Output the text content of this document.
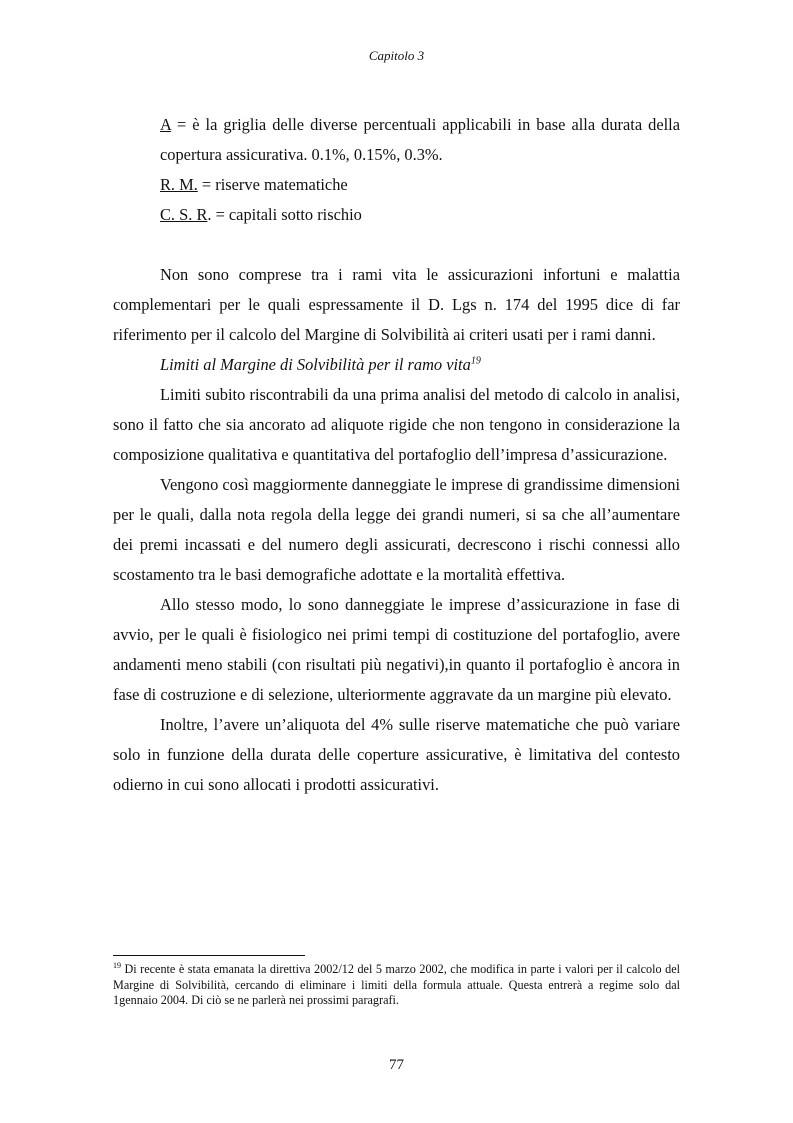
Capitolo 3

A = è la griglia delle diverse percentuali applicabili in base alla durata della copertura assicurativa. 0.1%, 0.15%, 0.3%.

R. M. = riserve matematiche

C. S. R. = capitali sotto rischio

Non sono comprese tra i rami vita le assicurazioni infortuni e malattia complementari per le quali espressamente il D. Lgs n. 174 del 1995 dice di far riferimento per il calcolo del Margine di Solvibilità ai criteri usati per i rami danni.

Limiti al Margine di Solvibilità per il ramo vita$^{19}$

Limiti subito riscontrabili da una prima analisi del metodo di calcolo in analisi, sono il fatto che sia ancorato ad aliquote rigide che non tengono in considerazione la composizione qualitativa e quantitativa del portafoglio dell’impresa d’assicurazione.

Vengono così maggiormente danneggiate le imprese di grandissime dimensioni per le quali, dalla nota regola della legge dei grandi numeri, si sa che all’aumentare dei premi incassati e del numero degli assicurati, decrescono i rischi connessi allo scostamento tra le basi demografiche adottate e la mortalità effettiva.

Allo stesso modo, lo sono danneggiate le imprese d’assicurazione in fase di avvio, per le quali è fisiologico nei primi tempi di costituzione del portafoglio, avere andamenti meno stabili (con risultati più negativi),in quanto il portafoglio è ancora in fase di costruzione e di selezione, ulteriormente aggravate da un margine più elevato.

Inoltre, l’avere un’aliquota del 4% sulle riserve matematiche che può variare solo in funzione della durata delle coperture assicurative, è limitativa del contesto odierno in cui sono allocati i prodotti assicurativi.

$^{19}$ Di recente è stata emanata la direttiva 2002/12 del 5 marzo 2002, che modifica in parte i valori per il calcolo del Margine di Solvibilità, cercando di eliminare i limiti della formula attuale. Questa entrerà a regime solo dal 1gennaio 2004. Di ciò se ne parlerà nei prossimi paragrafi.
77
